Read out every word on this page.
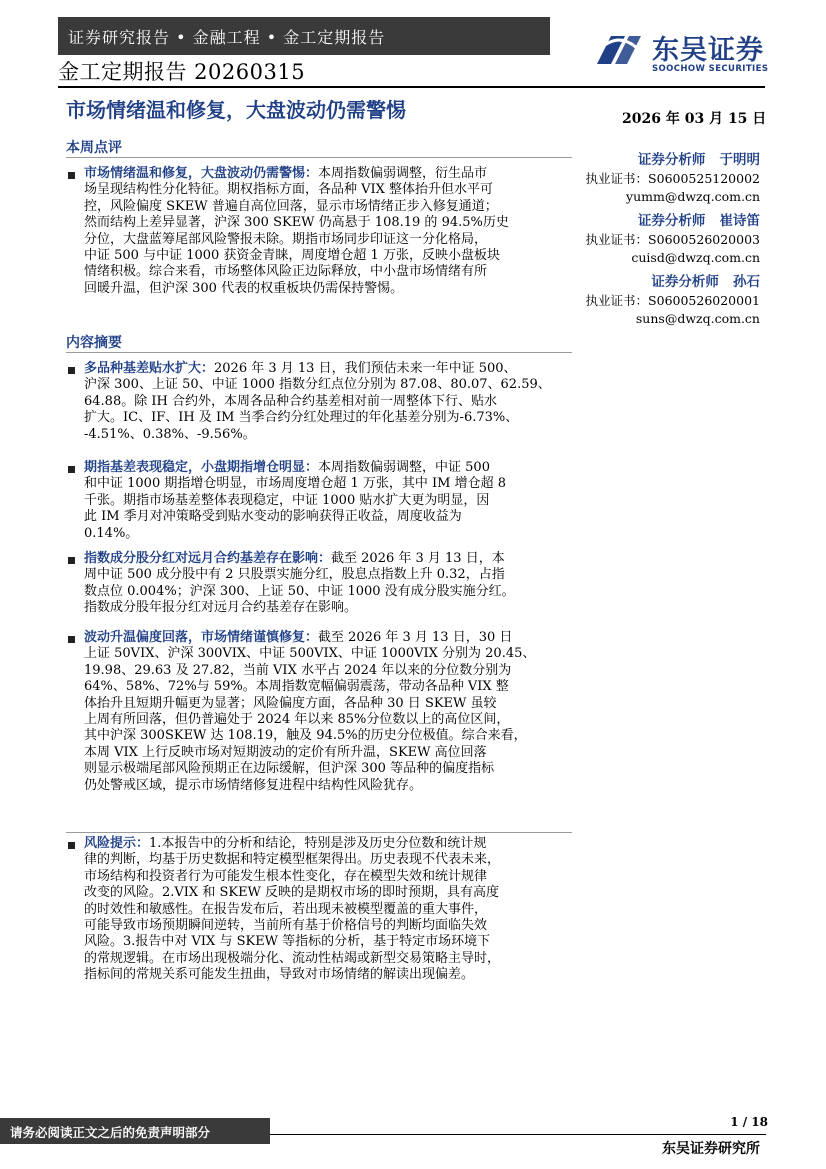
证券研究报告 • 金融工程 • 金工定期报告
金工定期报告 20260315
东吴证券
SOOCHOW SECURITIES
市场情绪温和修复，大盘波动仍需警惕	2026 年 03 月 15 日
本周点评
市场情绪温和修复，大盘波动仍需警惕：本周指数偏弱调整，衍生品市
场呈现结构性分化特征。期权指标方面，各品种 VIX 整体抬升但水平可
控，风险偏度 SKEW 普遍自高位回落，显示市场情绪正步入修复通道；
然而结构上差异显著，沪深 300 SKEW 仍高悬于 108.19 的 94.5%历史
分位，大盘蓝筹尾部风险警报未除。期指市场同步印证这一分化格局，
中证 500 与中证 1000 获资金青睐，周度增仓超 1 万张，反映小盘板块
情绪积极。综合来看，市场整体风险正边际释放，中小盘市场情绪有所
回暖升温，但沪深 300 代表的权重板块仍需保持警惕。
证券分析师 于明明
执业证书：S0600525120002
yumm@dwzq.com.cn
证券分析师 崔诗笛
执业证书：S0600526020003
cuisd@dwzq.com.cn
证券分析师 孙石
执业证书：S0600526020001
suns@dwzq.com.cn
内容摘要
多品种基差贴水扩大：2026 年 3 月 13 日，我们预估未来一年中证 500、
沪深 300、上证 50、中证 1000 指数分红点位分别为 87.08、80.07、62.59、
64.88。除 IH 合约外，本周各品种合约基差相对前一周整体下行、贴水
扩大。IC、IF、IH 及 IM 当季合约分红处理过的年化基差分别为-6.73%、
-4.51%、0.38%、-9.56%。
期指基差表现稳定，小盘期指增仓明显：本周指数偏弱调整，中证 500
和中证 1000 期指增仓明显，市场周度增仓超 1 万张，其中 IM 增仓超 8
千张。期指市场基差整体表现稳定，中证 1000 贴水扩大更为明显，因
此 IM 季月对冲策略受到贴水变动的影响获得正收益，周度收益为
0.14%。
指数成分股分红对远月合约基差存在影响：截至 2026 年 3 月 13 日，本
周中证 500 成分股中有 2 只股票实施分红，股息点指数上升 0.32，占指
数点位 0.004%；沪深 300、上证 50、中证 1000 没有成分股实施分红。
指数成分股年报分红对远月合约基差存在影响。
波动升温偏度回落，市场情绪谨慎修复：截至 2026 年 3 月 13 日，30 日
上证 50VIX、沪深 300VIX、中证 500VIX、中证 1000VIX 分别为 20.45、
19.98、29.63 及 27.82，当前 VIX 水平占 2024 年以来的分位数分别为
64%、58%、72%与 59%。本周指数宽幅偏弱震荡，带动各品种 VIX 整
体抬升且短期升幅更为显著；风险偏度方面，各品种 30 日 SKEW 虽较
上周有所回落，但仍普遍处于 2024 年以来 85%分位数以上的高位区间，
其中沪深 300SKEW 达 108.19，触及 94.5%的历史分位极值。综合来看，
本周 VIX 上行反映市场对短期波动的定价有所升温，SKEW 高位回落
则显示极端尾部风险预期正在边际缓解，但沪深 300 等品种的偏度指标
仍处警戒区域，提示市场情绪修复进程中结构性风险犹存。
风险提示：1.本报告中的分析和结论，特别是涉及历史分位数和统计规
律的判断，均基于历史数据和特定模型框架得出。历史表现不代表未来，
市场结构和投资者行为可能发生根本性变化，存在模型失效和统计规律
改变的风险。2.VIX 和 SKEW 反映的是期权市场的即时预期，具有高度
的时效性和敏感性。在报告发布后，若出现未被模型覆盖的重大事件，
可能导致市场预期瞬间逆转，当前所有基于价格信号的判断均面临失效
风险。3.报告中对 VIX 与 SKEW 等指标的分析，基于特定市场环境下
的常规逻辑。在市场出现极端分化、流动性枯竭或新型交易策略主导时，
指标间的常规关系可能发生扭曲，导致对市场情绪的解读出现偏差。
1 / 18
请务必阅读正文之后的免责声明部分
东吴证券研究所
